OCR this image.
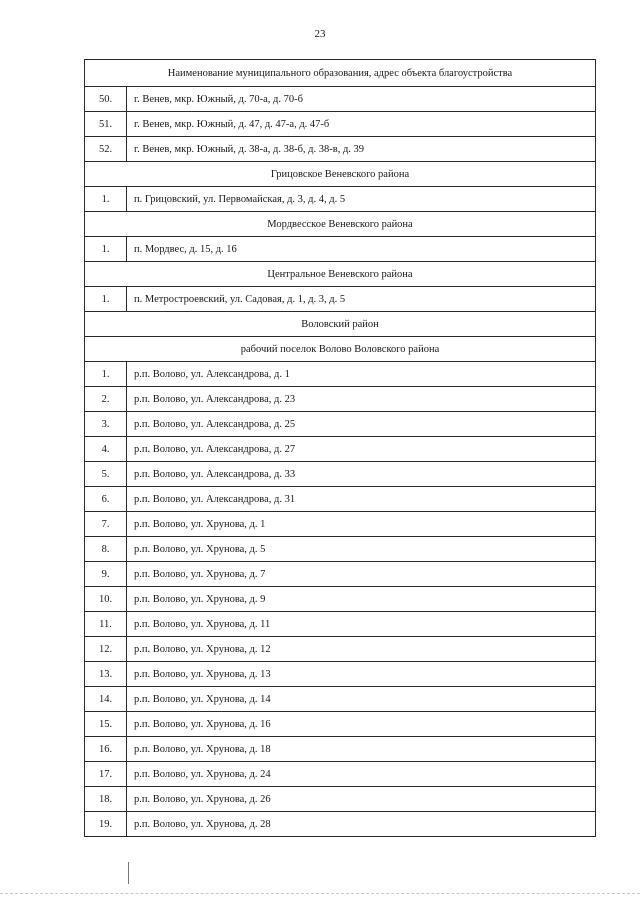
23
Наименование муниципального образования, адрес объекта благоустройства	
50.	г. Венев, мкр. Южный, д. 70-а, д. 70-б
51.	г. Венев, мкр. Южный, д. 47, д. 47-а, д. 47-б
52.	г. Венев, мкр. Южный, д. 38-а, д. 38-б, д. 38-в, д. 39
Грицовское Веневского района	
1.	п. Грицовский, ул. Первомайская, д. 3, д. 4, д. 5
Мордвесское Веневского района	
1.	п. Мордвес, д. 15, д. 16
Центральное Веневского района	
1.	п. Метростроевский, ул. Садовая, д. 1, д. 3, д. 5
Воловский район	
рабочий поселок Волово Воловского района	
1.	р.п. Волово, ул. Александрова, д. 1
2.	р.п. Волово, ул. Александрова, д. 23
3.	р.п. Волово, ул. Александрова, д. 25
4.	р.п. Волово, ул. Александрова, д. 27
5.	р.п. Волово, ул. Александрова, д. 33
6.	р.п. Волово, ул. Александрова, д. 31
7.	р.п. Волово, ул. Хрунова, д. 1
8.	р.п. Волово, ул. Хрунова, д. 5
9.	р.п. Волово, ул. Хрунова, д. 7
10.	р.п. Волово, ул. Хрунова, д. 9
11.	р.п. Волово, ул. Хрунова, д. 11
12.	р.п. Волово, ул. Хрунова, д. 12
13.	р.п. Волово, ул. Хрунова, д. 13
14.	р.п. Волово, ул. Хрунова, д. 14
15.	р.п. Волово, ул. Хрунова, д. 16
16.	р.п. Волово, ул. Хрунова, д. 18
17.	р.п. Волово, ул. Хрунова, д. 24
18.	р.п. Волово, ул. Хрунова, д. 26
19.	р.п. Волово, ул. Хрунова, д. 28
